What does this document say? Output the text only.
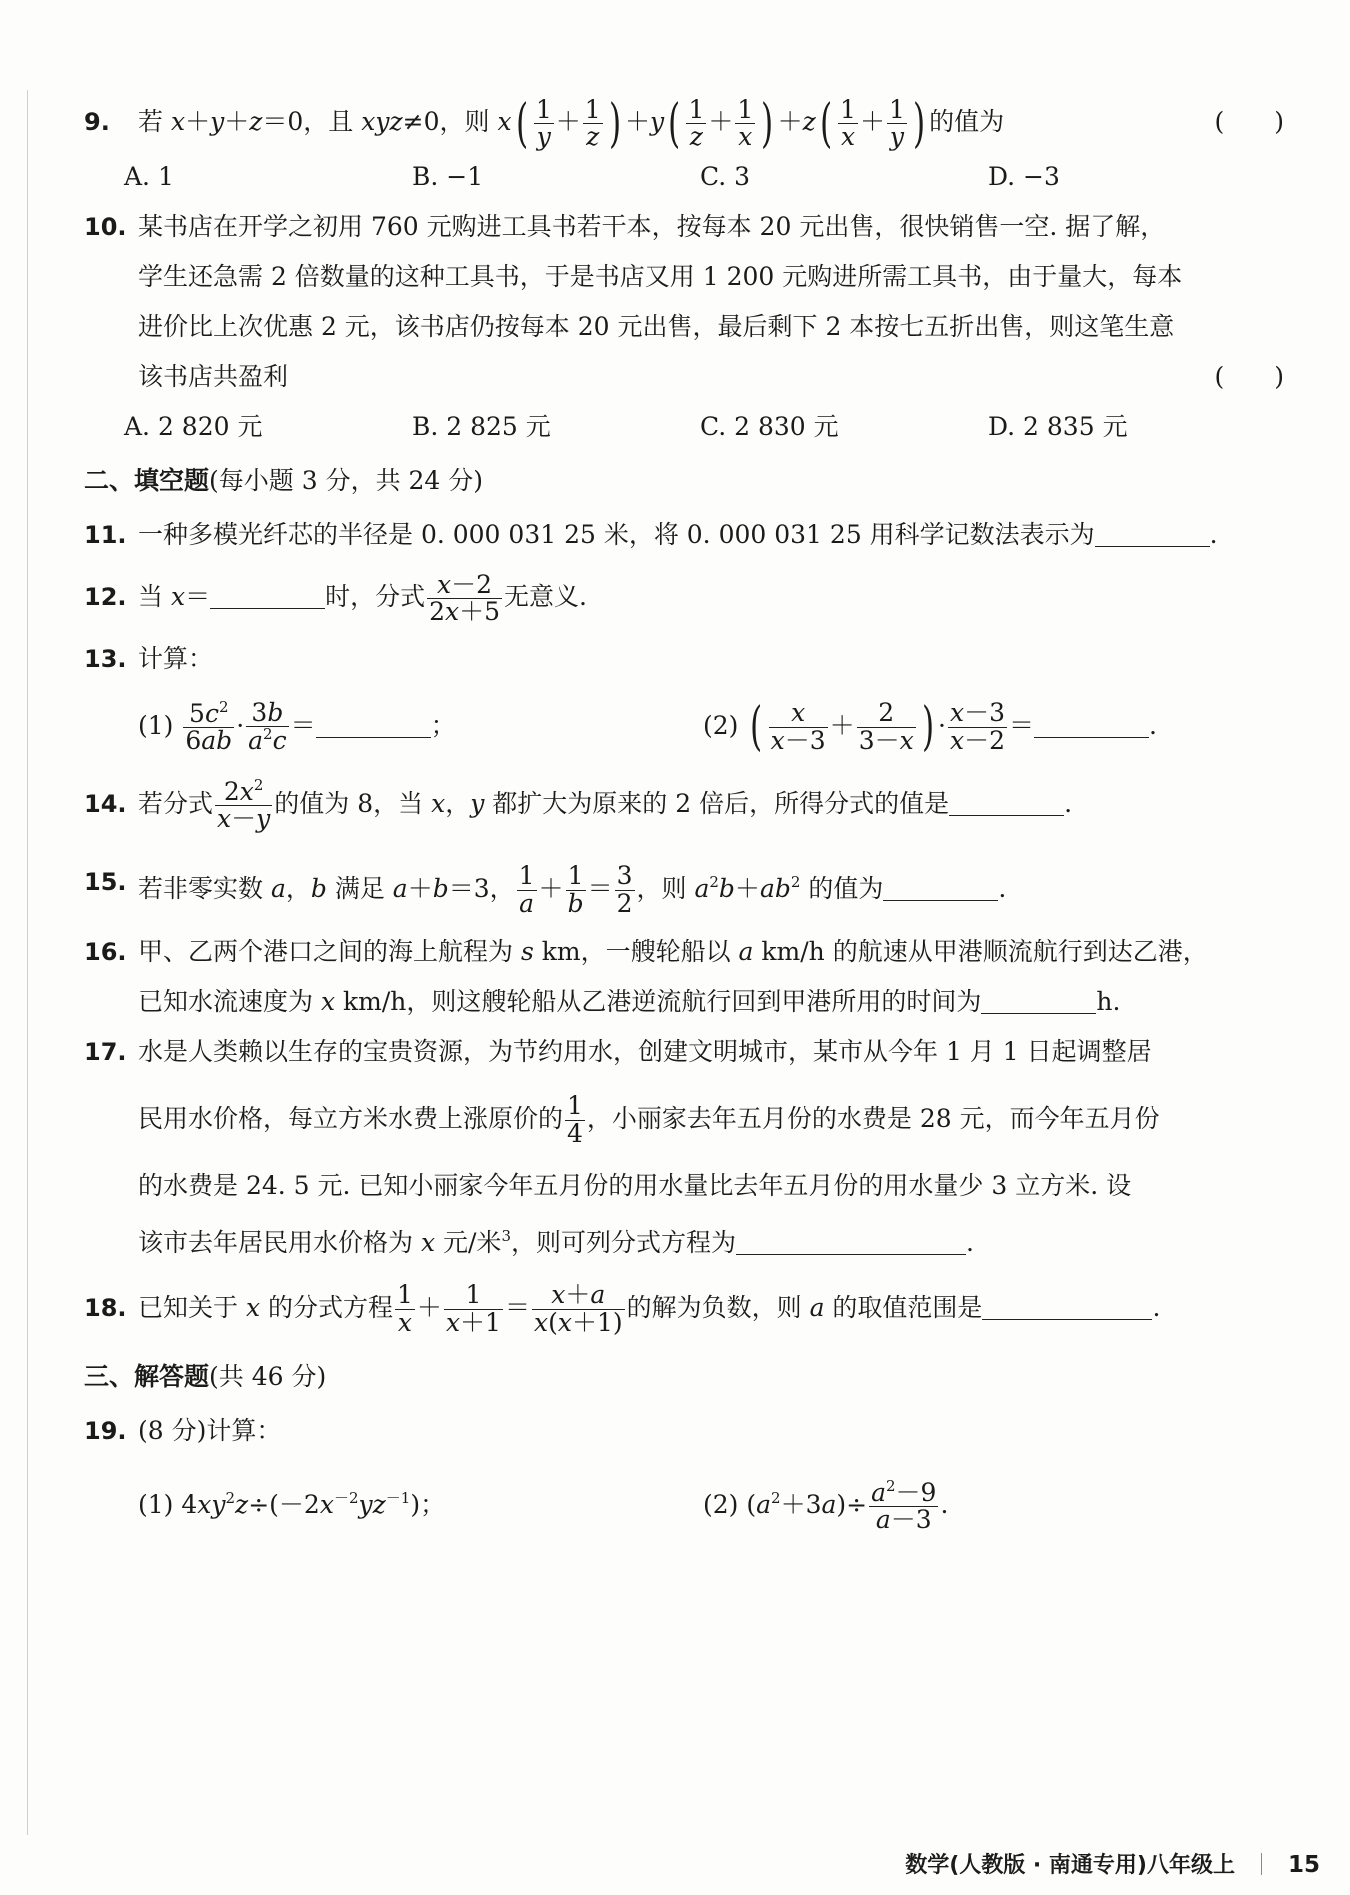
9. 若 x＋y＋z＝0，且 xyz≠0，则 $x( \frac{1}{y} + \frac{1}{z}$ ) $+y( \frac{1}{z} + \frac{1}{x}$ ) $+z( \frac{1}{x} + \frac{1}{y}$ ) 的值为	(　　)
A. 1	B. −1	C. 3	D. −3
10. 某书店在开学之初用 760 元购进工具书若干本，按每本 20 元出售，很快销售一空. 据了解，
学生还急需 2 倍数量的这种工具书，于是书店又用 1 200 元购进所需工具书，由于量大，每本
进价比上次优惠 2 元，该书店仍按每本 20 元出售，最后剩下 2 本按七五折出售，则这笔生意
该书店共盈利	(　　)
A. 2 820 元	B. 2 825 元	C. 2 830 元	D. 2 835 元
二、填空题(每小题 3 分，共 24 分)
11. 一种多模光纤芯的半径是 0. 000 031 25 米，将 0. 000 031 25 用科学记数法表示为	.
12. 当 x＝	时，分式 $\frac{x-2}{2x+5}$ 无意义.
13. 计算：
$(1) \frac{5c^2}{6ab} \cdot \frac{3b}{a^2c}$ ＝	；	(2) ( $\frac{x}{x-3} + \frac{2}{3-x}$ ) · $\frac{x-3}{x-2}$ ＝	.
14. 若分式 $\frac{2x^2}{x-y}$ 的值为 8，当 x，y 都扩大为原来的 2 倍后，所得分式的值是	.
15. 若非零实数 a，b 满足 a＋b＝3， $\frac{1}{a} + \frac{1}{b} = \frac{3}{2}$ ，则 $a^2b+ab^2$ 的值为	.
16. 甲、乙两个港口之间的海上航程为 s km，一艘轮船以 a km/h 的航速从甲港顺流航行到达乙港，
已知水流速度为 x km/h，则这艘轮船从乙港逆流航行回到甲港所用的时间为	h.
17. 水是人类赖以生存的宝贵资源，为节约用水，创建文明城市，某市从今年 1 月 1 日起调整居
民用水价格，每立方米水费上涨原价的 $\frac{1}{4}$ ，小丽家去年五月份的水费是 28 元，而今年五月份
的水费是 24. 5 元. 已知小丽家今年五月份的用水量比去年五月份的用水量少 3 立方米. 设
该市去年居民用水价格为 x 元/米$^3$，则可列分式方程为	.
18. 已知关于 x 的分式方程 $\frac{1}{x} + \frac{1}{x+1} = \frac{x+a}{x(x+1)}$ 的解为负数，则 a 的取值范围是	.
三、解答题(共 46 分)
19. (8 分)计算：
(1) $4xy^2z\div(-2x^{-2}yz^{-1})$；	(2) $(a^2+3a)\div \frac{a^2-9}{a-3}$ .
数学(人教版 · 南通专用)八年级上 15
